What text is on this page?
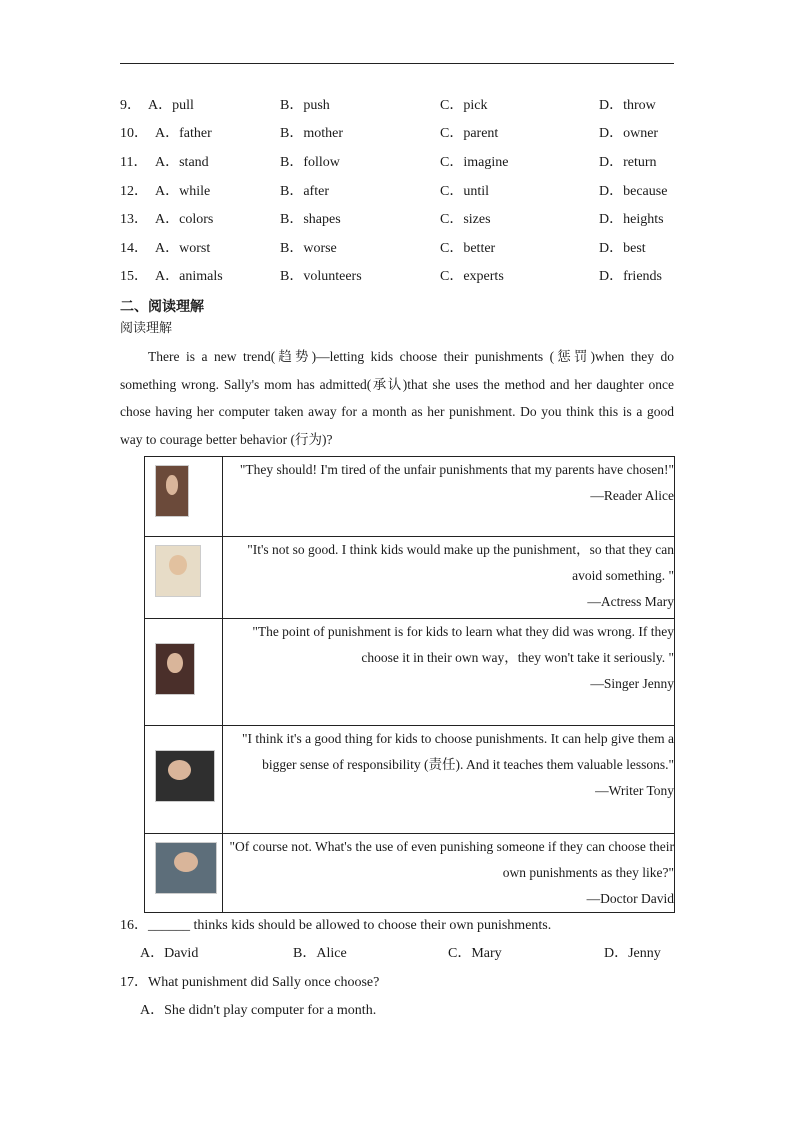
9． A．pull	B．push	C．pick	D．throw
10． A．father	B．mother	C．parent	D．owner
11． A．stand	B．follow	C．imagine	D．return
12． A．while	B．after	C．until	D．because
13． A．colors	B．shapes	C．sizes	D．heights
14． A．worst	B．worse	C．better	D．best
15． A．animals	B．volunteers	C．experts	D．friends
二、阅读理解
阅读理解

There is a new trend(趋势)—letting kids choose their punishments (惩罚)when they do something wrong. Sally's mom has admitted(承认)that she uses the method and her daughter once chose having her computer taken away for a month as her punishment. Do you think this is a good way to courage better behavior (行为)?

	"They should! I'm tired of the unfair punishments that my parents have chosen!"
—Reader Alice

	"It's not so good. I think kids would make up the punishment，so that they can avoid something. "
—Actress Mary

	"The point of punishment is for kids to learn what they did was wrong. If they choose it in their own way，they won't take it seriously. "
—Singer Jenny

	"I think it's a good thing for kids to choose punishments. It can help give them a bigger sense of responsibility (责任). And it teaches them valuable lessons."
—Writer Tony

	"Of course not. What's the use of even punishing someone if they can choose their own punishments as they like?"
—Doctor David
16．______ thinks kids should be allowed to choose their own punishments.
A．David	B．Alice	C．Mary	D．Jenny
17．What punishment did Sally once choose?
A．She didn't play computer for a month.
